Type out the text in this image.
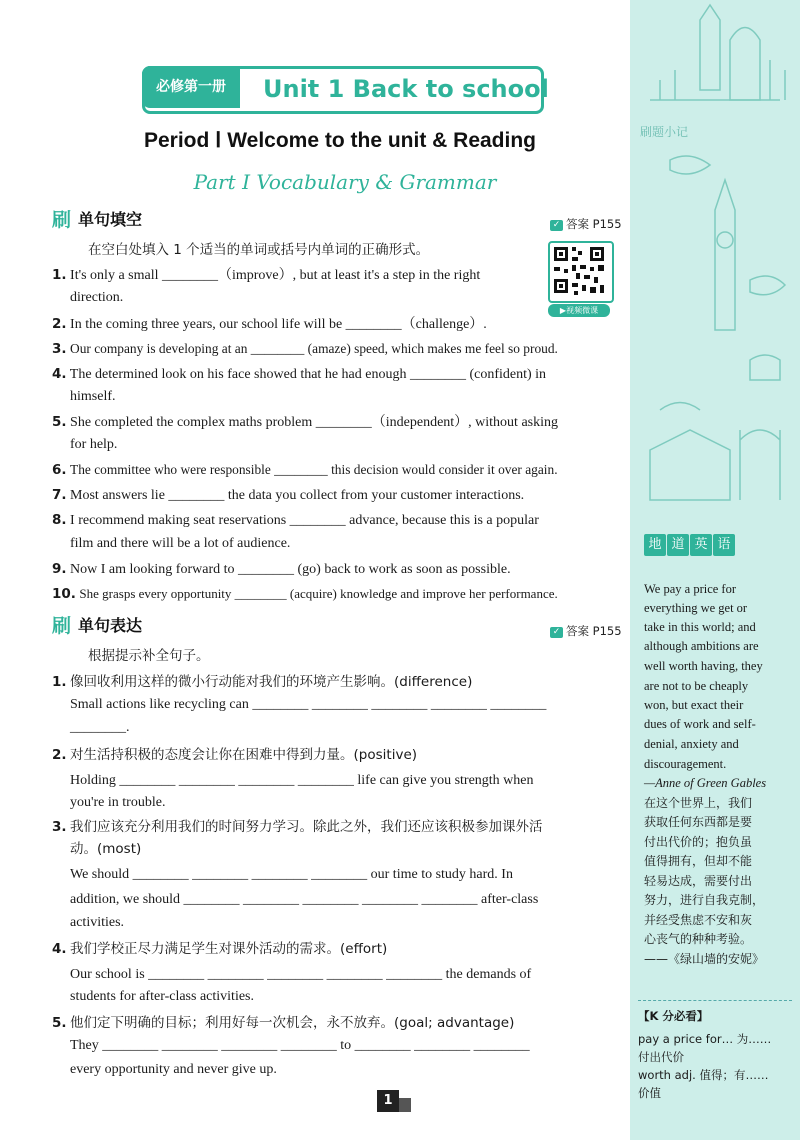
必修第一册	Unit 1 Back to school
Period Ⅰ Welcome to the unit & Reading
Part Ⅰ Vocabulary & Grammar
刷 单句填空	✓ 答案 P155
在空白处填入 1 个适当的单词或括号内单词的正确形式。
▶视频微课
1. It's only a small ________（improve）, but at least it's a step in the right
direction.
2. In the coming three years, our school life will be ________（challenge）.
3. Our company is developing at an ________ (amaze) speed, which makes me feel so proud.
4. The determined look on his face showed that he had enough ________ (confident) in
himself.
5. She completed the complex maths problem ________（independent）, without asking
for help.
6. The committee who were responsible ________ this decision would consider it over again.
7. Most answers lie ________ the data you collect from your customer interactions.
8. I recommend making seat reservations ________ advance, because this is a popular
film and there will be a lot of audience.
9. Now I am looking forward to ________ (go) back to work as soon as possible.
10. She grasps every opportunity ________ (acquire) knowledge and improve her performance.
刷 单句表达	✓ 答案 P155
根据提示补全句子。
1. 像回收利用这样的微小行动能对我们的环境产生影响。(difference)
Small actions like recycling can ________ ________ ________ ________ ________
________.
2. 对生活持积极的态度会让你在困难中得到力量。(positive)
Holding ________ ________ ________ ________ life can give you strength when
you're in trouble.
3. 我们应该充分利用我们的时间努力学习。除此之外，我们还应该积极参加课外活
动。(most)
We should ________ ________ ________ ________ our time to study hard. In
addition, we should ________ ________ ________ ________ ________ after-class
activities.
4. 我们学校正尽力满足学生对课外活动的需求。(effort)
Our school is ________ ________ ________ ________ ________ the demands of
students for after-class activities.
5. 他们定下明确的目标；利用好每一次机会，永不放弃。(goal; advantage)
They ________ ________ ________ ________ to ________ ________ ________
every opportunity and never give up.
1
刷题小记
地 道 英 语
We pay a price for
everything we get or
take in this world; and
although ambitions are
well worth having, they
are not to be cheaply
won, but exact their
dues of work and self-
denial, anxiety and
discouragement.
—Anne of Green Gables
在这个世界上，我们
获取任何东西都是要
付出代价的；抱负虽
值得拥有，但却不能
轻易达成，需要付出
努力，进行自我克制，
并经受焦虑不安和灰
心丧气的种种考验。
——《绿山墙的安妮》
【K 分必看】
pay a price for… 为……
付出代价
worth adj. 值得；有……
价值
